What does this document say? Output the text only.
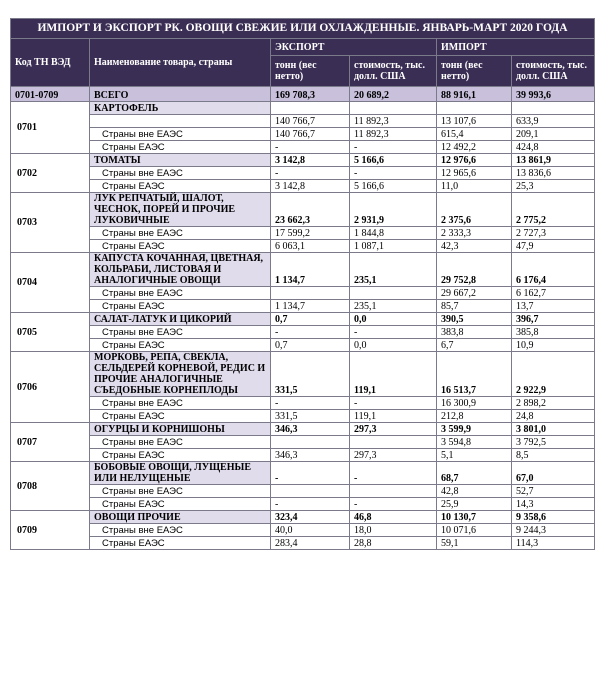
ИМПОРТ И ЭКСПОРТ РК. ОВОЩИ СВЕЖИЕ ИЛИ ОХЛАЖДЕННЫЕ. ЯНВАРЬ-МАРТ 2020 ГОДА					
Код ТН ВЭД	Наименование товара, страны	ЭКСПОРТ		ИМПОРТ	
		тонн (вес нетто)	стоимость, тыс. долл. США	тонн (вес нетто)	стоимость, тыс. долл. США
0701-0709	ВСЕГО	169 708,3	20 689,2	88 916,1	39 993,6
0701	КАРТОФЕЛЬ				
		140 766,7	11 892,3	13 107,6	633,9
	Страны вне ЕАЭС	140 766,7	11 892,3	615,4	209,1
	Страны ЕАЭС	-	-	12 492,2	424,8
0702	ТОМАТЫ	3 142,8	5 166,6	12 976,6	13 861,9
	Страны вне ЕАЭС	-	-	12 965,6	13 836,6
	Страны ЕАЭС	3 142,8	5 166,6	11,0	25,3
0703	ЛУК РЕПЧАТЫЙ, ШАЛОТ, ЧЕСНОК, ПОРЕЙ И ПРОЧИЕ ЛУКОВИЧНЫЕ	23 662,3	2 931,9	2 375,6	2 775,2
	Страны вне ЕАЭС	17 599,2	1 844,8	2 333,3	2 727,3
	Страны ЕАЭС	6 063,1	1 087,1	42,3	47,9
0704	КАПУСТА КОЧАННАЯ, ЦВЕТНАЯ, КОЛЬРАБИ, ЛИСТОВАЯ И АНАЛОГИЧНЫЕ ОВОЩИ	1 134,7	235,1	29 752,8	6 176,4
	Страны вне ЕАЭС			29 667,2	6 162,7
	Страны ЕАЭС	1 134,7	235,1	85,7	13,7
0705	САЛАТ-ЛАТУК И ЦИКОРИЙ	0,7	0,0	390,5	396,7
	Страны вне ЕАЭС	-	-	383,8	385,8
	Страны ЕАЭС	0,7	0,0	6,7	10,9
0706	МОРКОВЬ, РЕПА, СВЕКЛА, СЕЛЬДЕРЕЙ КОРНЕВОЙ, РЕДИС И ПРОЧИЕ АНАЛОГИЧНЫЕ СЪЕДОБНЫЕ КОРНЕПЛОДЫ	331,5	119,1	16 513,7	2 922,9
	Страны вне ЕАЭС	-	-	16 300,9	2 898,2
	Страны ЕАЭС	331,5	119,1	212,8	24,8
0707	ОГУРЦЫ И КОРНИШОНЫ	346,3	297,3	3 599,9	3 801,0
	Страны вне ЕАЭС			3 594,8	3 792,5
	Страны ЕАЭС	346,3	297,3	5,1	8,5
0708	БОБОВЫЕ ОВОЩИ, ЛУЩЕНЫЕ ИЛИ НЕЛУЩЕНЫЕ	-	-	68,7	67,0
	Страны вне ЕАЭС			42,8	52,7
	Страны ЕАЭС	-	-	25,9	14,3
0709	ОВОЩИ ПРОЧИЕ	323,4	46,8	10 130,7	9 358,6
	Страны вне ЕАЭС	40,0	18,0	10 071,6	9 244,3
	Страны ЕАЭС	283,4	28,8	59,1	114,3
